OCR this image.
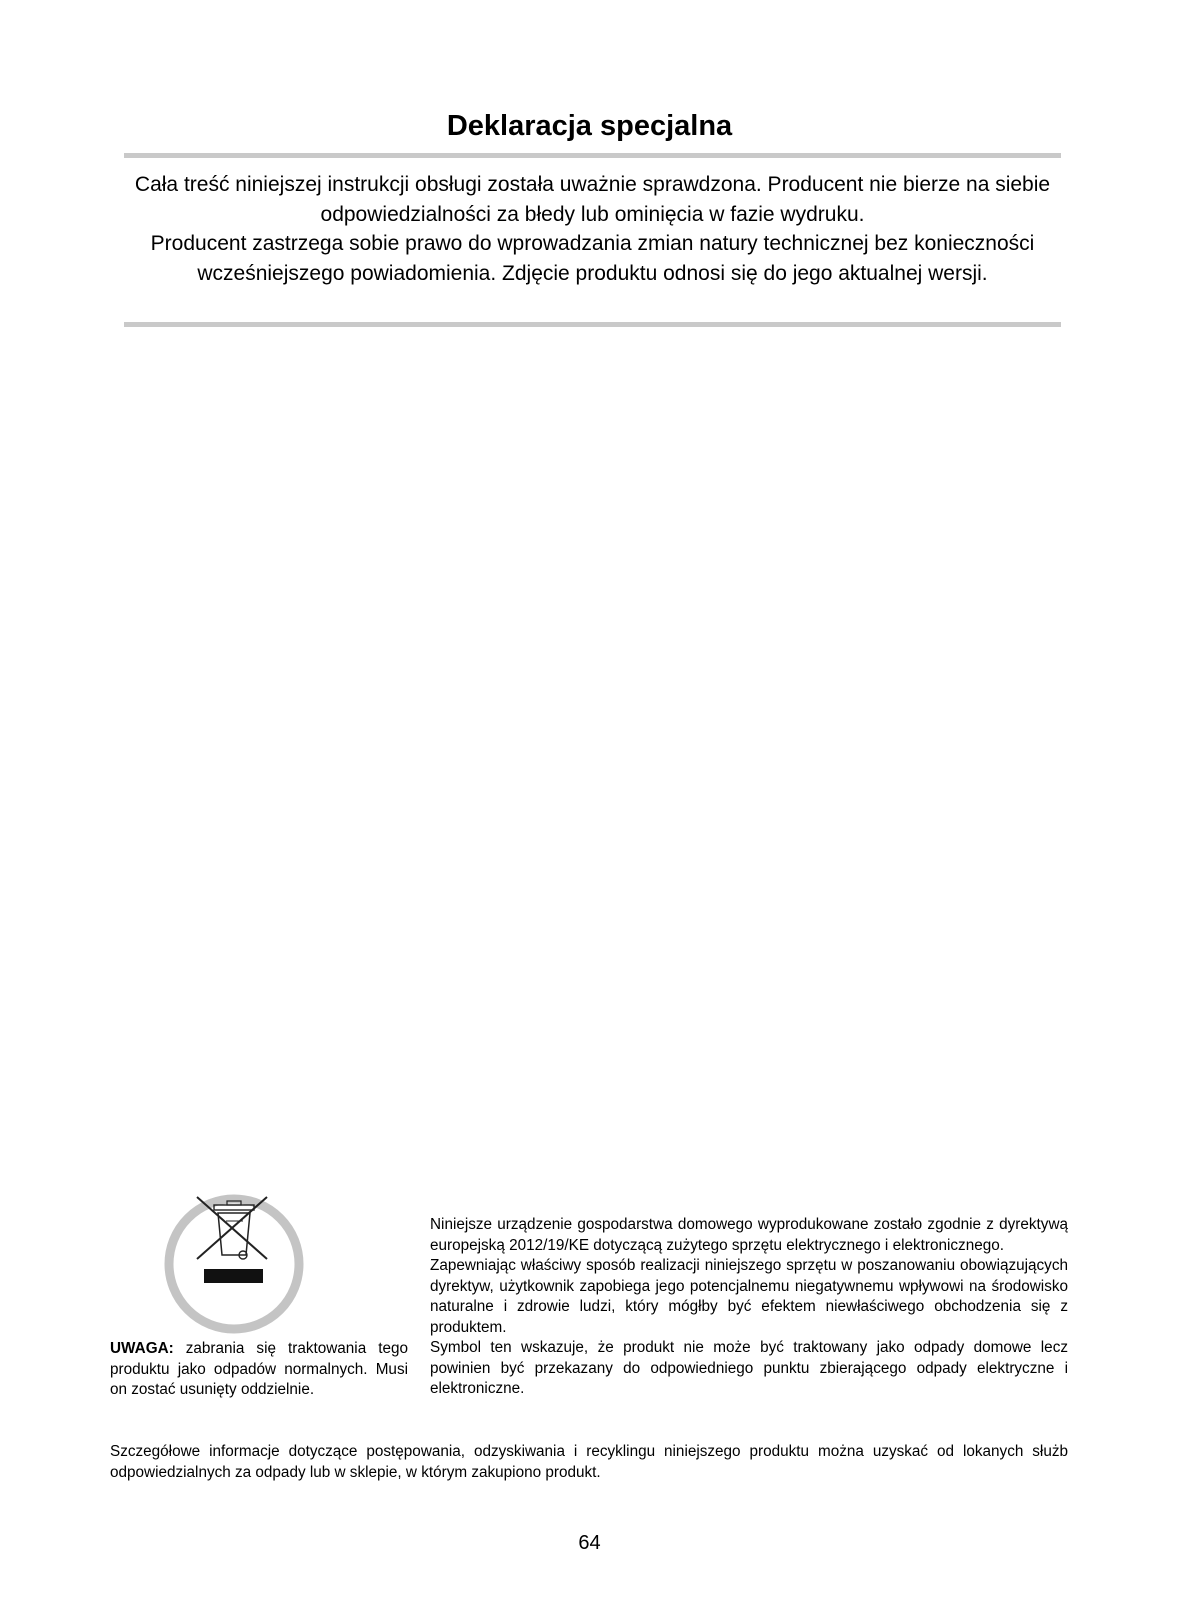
Deklaracja specjalna

Cała treść niniejszej instrukcji obsługi została uważnie sprawdzona. Producent nie bierze na siebie odpowiedzialności za błedy lub ominięcia w fazie wydruku.

Producent zastrzega sobie prawo do wprowadzania zmian natury technicznej bez konieczności wcześniejszego powiadomienia. Zdjęcie produktu odnosi się do jego aktualnej wersji.

UWAGA: zabrania się traktowania tego produktu jako odpadów normalnych. Musi on zostać usunięty oddzielnie.

Niniejsze urządzenie gospodarstwa domowego wyprodukowane zostało zgodnie z dyrektywą europejską 2012/19/KE dotyczącą zużytego sprzętu elektrycznego i elektronicznego.

Zapewniając właściwy sposób realizacji niniejszego sprzętu w poszanowaniu obowiązujących dyrektyw, użytkownik zapobiega jego potencjalnemu niegatywnemu wpływowi na środowisko naturalne i zdrowie ludzi, który mógłby być efektem niewłaściwego obchodzenia się z produktem.

Symbol ten wskazuje, że produkt nie może być traktowany jako odpady domowe lecz powinien być przekazany do odpowiedniego punktu zbierającego odpady elektryczne i elektroniczne.

Szczegółowe informacje dotyczące postępowania, odzyskiwania i recyklingu niniejszego produktu można uzyskać od lokanych służb odpowiedzialnych za odpady lub w sklepie, w którym zakupiono produkt.

64
